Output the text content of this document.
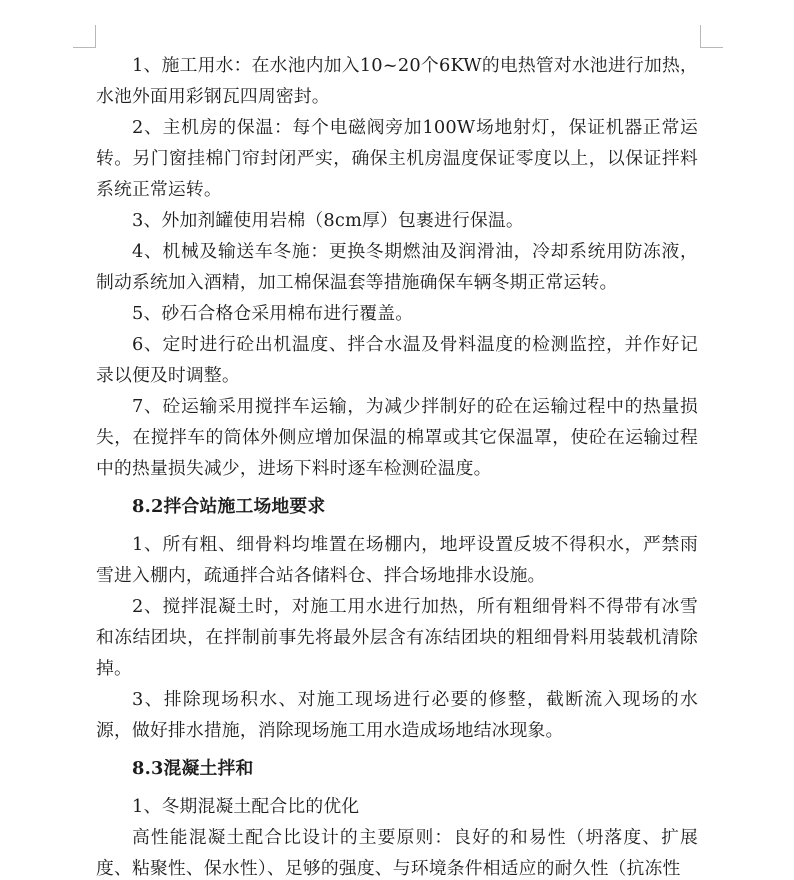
1、施工用水：在水池内加入10~20个6KW的电热管对水池进行加热，水池外面用彩钢瓦四周密封。

2、主机房的保温：每个电磁阀旁加100W场地射灯，保证机器正常运转。另门窗挂棉门帘封闭严实，确保主机房温度保证零度以上，以保证拌料系统正常运转。

3、外加剂罐使用岩棉（8cm厚）包裹进行保温。

4、机械及输送车冬施：更换冬期燃油及润滑油，冷却系统用防冻液，制动系统加入酒精，加工棉保温套等措施确保车辆冬期正常运转。

5、砂石合格仓采用棉布进行覆盖。

6、定时进行砼出机温度、拌合水温及骨料温度的检测监控，并作好记录以便及时调整。

7、砼运输采用搅拌车运输，为减少拌制好的砼在运输过程中的热量损失，在搅拌车的筒体外侧应增加保温的棉罩或其它保温罩，使砼在运输过程中的热量损失减少，进场下料时逐车检测砼温度。

8.2拌合站施工场地要求

1、所有粗、细骨料均堆置在场棚内，地坪设置反坡不得积水，严禁雨雪进入棚内，疏通拌合站各储料仓、拌合场地排水设施。

2、搅拌混凝土时，对施工用水进行加热，所有粗细骨料不得带有冰雪和冻结团块，在拌制前事先将最外层含有冻结团块的粗细骨料用装载机清除掉。

3、排除现场积水、对施工现场进行必要的修整，截断流入现场的水源，做好排水措施，消除现场施工用水造成场地结冰现象。

8.3混凝土拌和

1、冬期混凝土配合比的优化

高性能混凝土配合比设计的主要原则：良好的和易性（坍落度、扩展度、粘聚性、保水性）、足够的强度、与环境条件相适应的耐久性（抗冻性
